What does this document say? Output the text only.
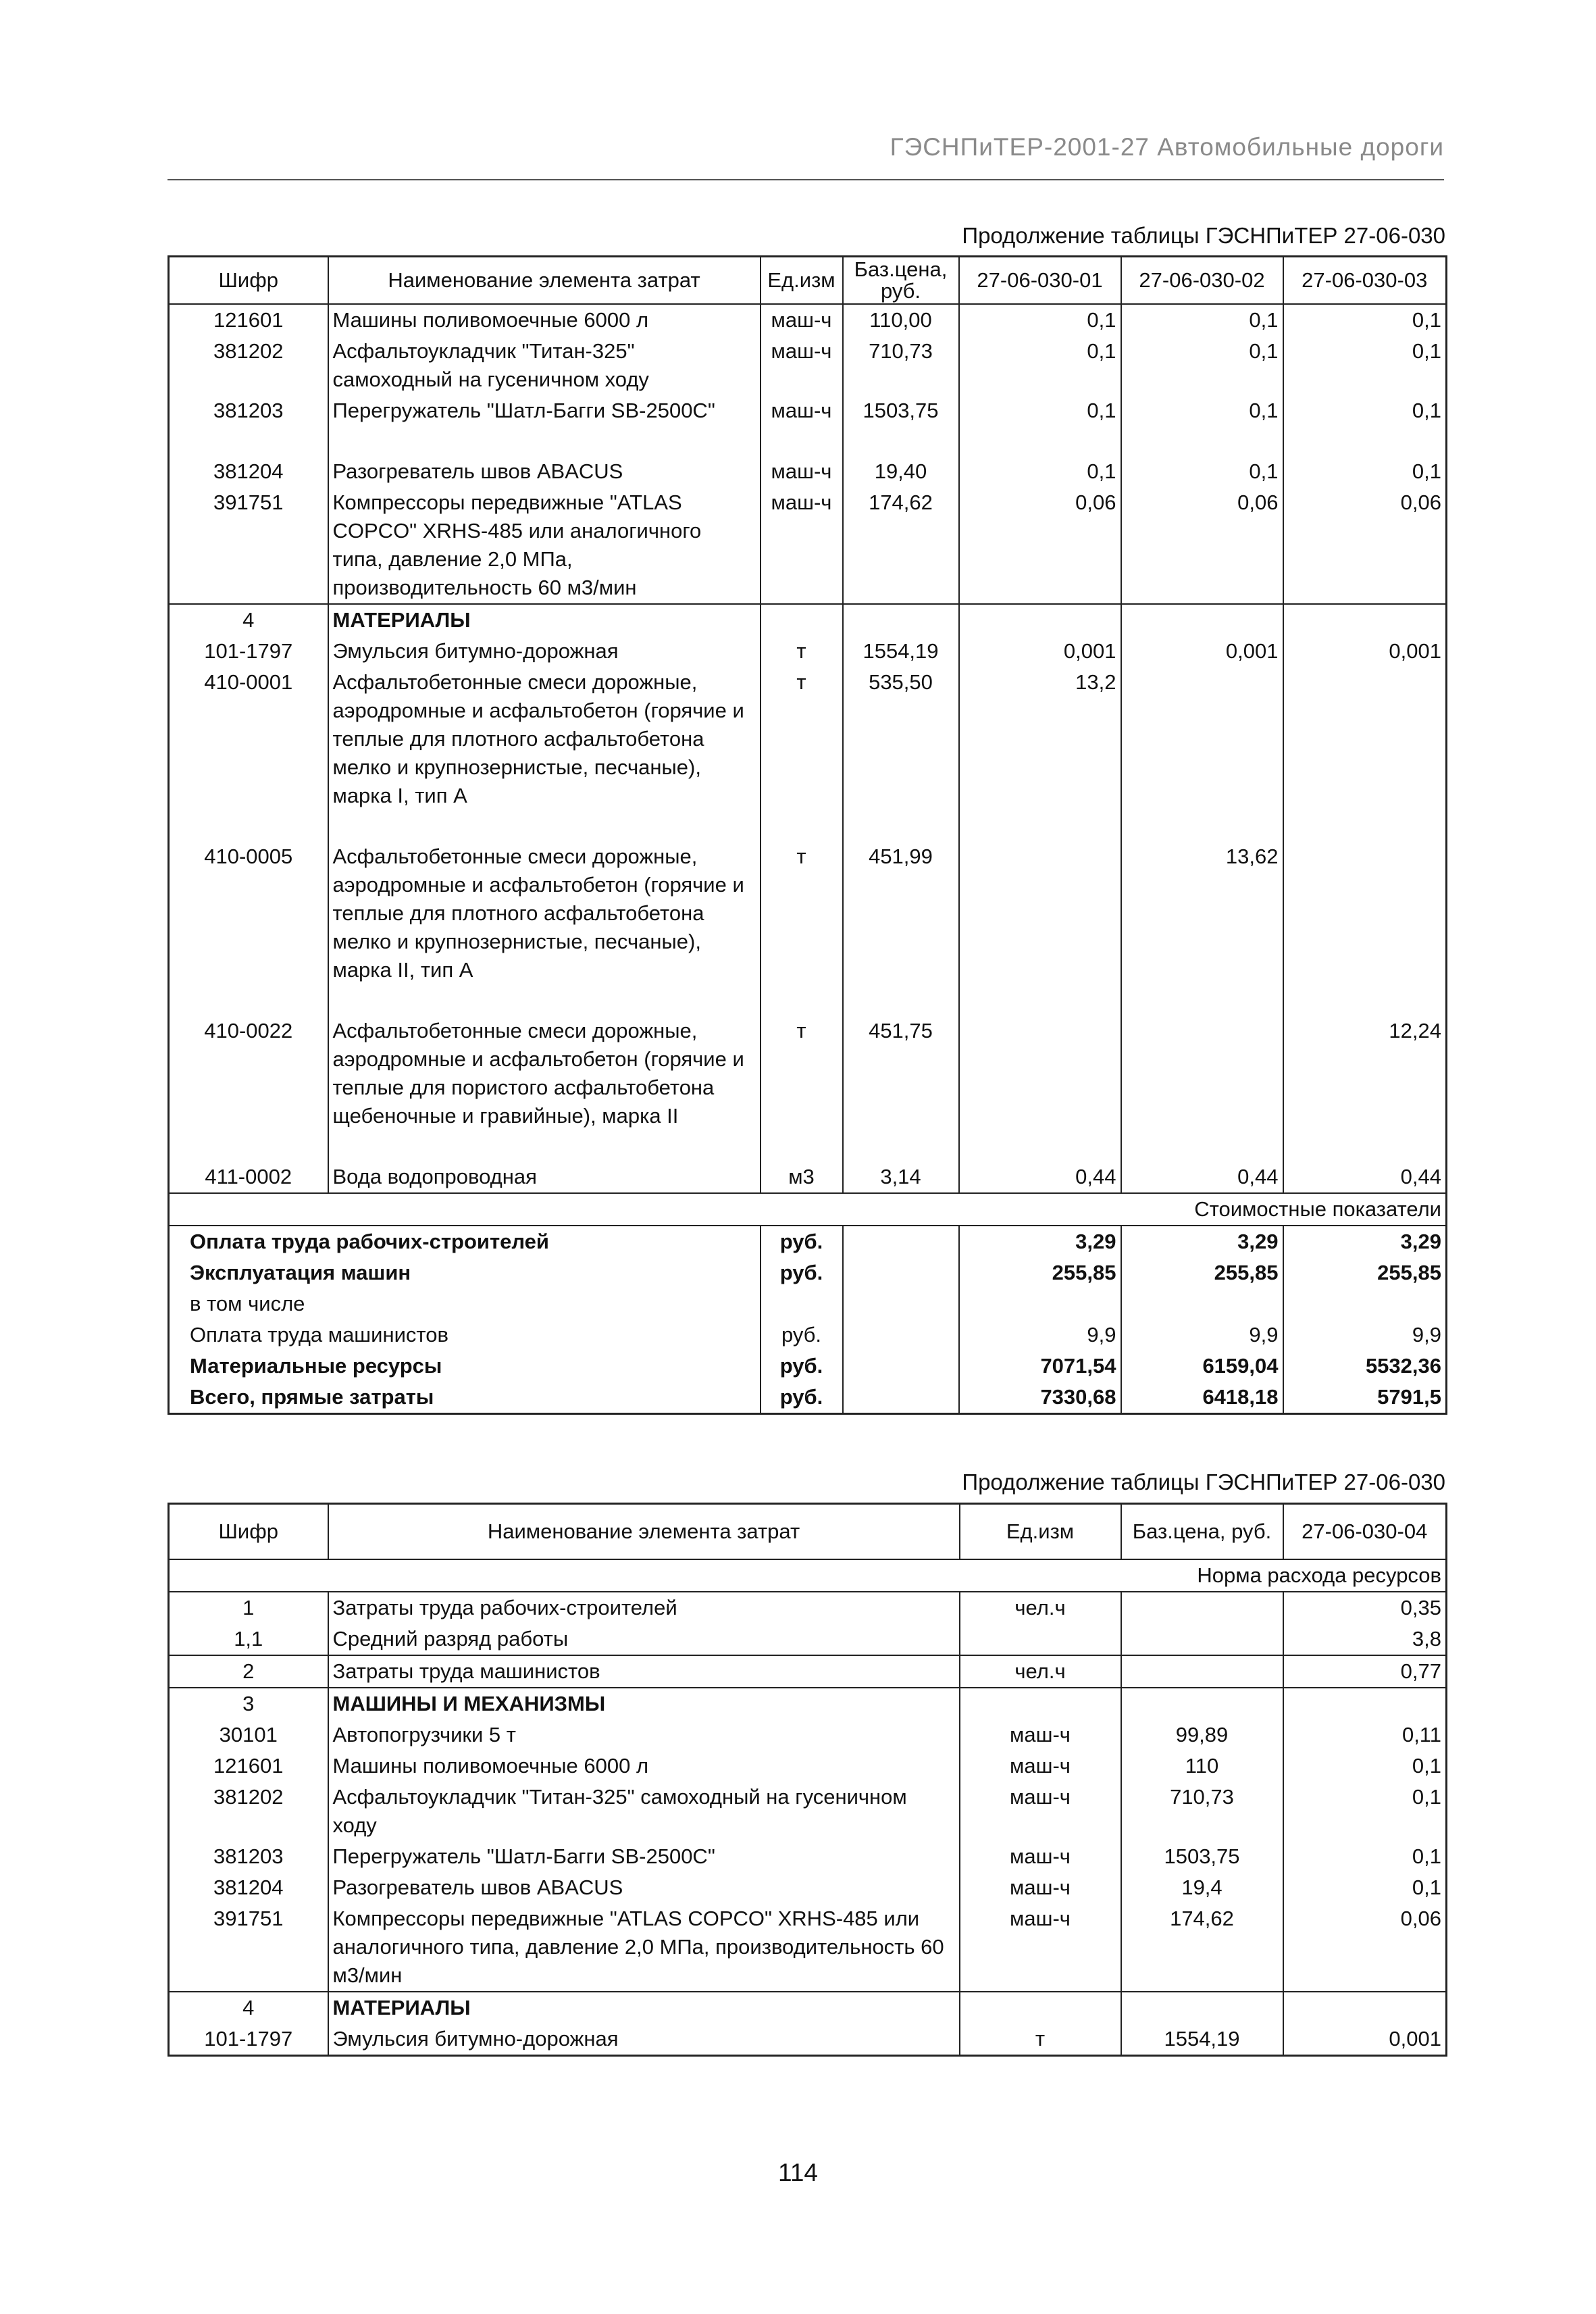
ГЭСНПиТЕР-2001-27 Автомобильные дороги
Продолжение таблицы ГЭСНПиТЕР 27-06-030
Шифр	Наименование элемента затрат	Ед.изм	Баз.цена, руб.	27-06-030-01	27-06-030-02	27-06-030-03
121601	Машины поливомоечные 6000 л	маш-ч	110,00	0,1	0,1	0,1
381202	Асфальтоукладчик "Титан-325" самоходный на гусеничном ходу	маш-ч	710,73	0,1	0,1	0,1
381203	Перегружатель "Шатл-Багги SB-2500С"	маш-ч	1503,75	0,1	0,1	0,1

381204	Разогреватель швов ABACUS	маш-ч	19,40	0,1	0,1	0,1
391751	Компрессоры передвижные "ATLAS COPCO" XRHS-485 или аналогичного типа, давление 2,0 МПа, производительность 60 м3/мин	маш-ч	174,62	0,06	0,06	0,06
4	МАТЕРИАЛЫ					
101-1797	Эмульсия битумно-дорожная	т	1554,19	0,001	0,001	0,001
410-0001	Асфальтобетонные смеси дорожные, аэродромные и асфальтобетон (горячие и теплые для плотного асфальтобетона мелко и крупнозернистые, песчаные), марка I, тип А	т	535,50	13,2		

410-0005	Асфальтобетонные смеси дорожные, аэродромные и асфальтобетон (горячие и теплые для плотного асфальтобетона мелко и крупнозернистые, песчаные), марка II, тип А	т	451,99		13,62	

410-0022	Асфальтобетонные смеси дорожные, аэродромные и асфальтобетон (горячие и теплые для пористого асфальтобетона щебеночные и гравийные), марка II	т	451,75			12,24

411-0002	Вода водопроводная	м3	3,14	0,44	0,44	0,44
Стоимостные показатели						
Оплата труда рабочих-строителей		руб.		3,29	3,29	3,29
Эксплуатация машин		руб.		255,85	255,85	255,85
в том числе						
Оплата труда машинистов		руб.		9,9	9,9	9,9
Материальные ресурсы		руб.		7071,54	6159,04	5532,36
Всего, прямые затраты		руб.		7330,68	6418,18	5791,5
Продолжение таблицы ГЭСНПиТЕР 27-06-030
Шифр	Наименование элемента затрат	Ед.изм	Баз.цена, руб.	27-06-030-04
Норма расхода ресурсов				
1	Затраты труда рабочих-строителей	чел.ч		0,35
1,1	Средний разряд работы			3,8
2	Затраты труда машинистов	чел.ч		0,77
3	МАШИНЫ И МЕХАНИЗМЫ			
30101	Автопогрузчики 5 т	маш-ч	99,89	0,11
121601	Машины поливомоечные 6000 л	маш-ч	110	0,1
381202	Асфальтоукладчик "Титан-325" самоходный на гусеничном ходу	маш-ч	710,73	0,1
381203	Перегружатель "Шатл-Багги SB-2500С"	маш-ч	1503,75	0,1
381204	Разогреватель швов ABACUS	маш-ч	19,4	0,1
391751	Компрессоры передвижные "ATLAS COPCO" XRHS-485 или аналогичного типа, давление 2,0 МПа, производительность 60 м3/мин	маш-ч	174,62	0,06
4	МАТЕРИАЛЫ			
101-1797	Эмульсия битумно-дорожная	т	1554,19	0,001
114
